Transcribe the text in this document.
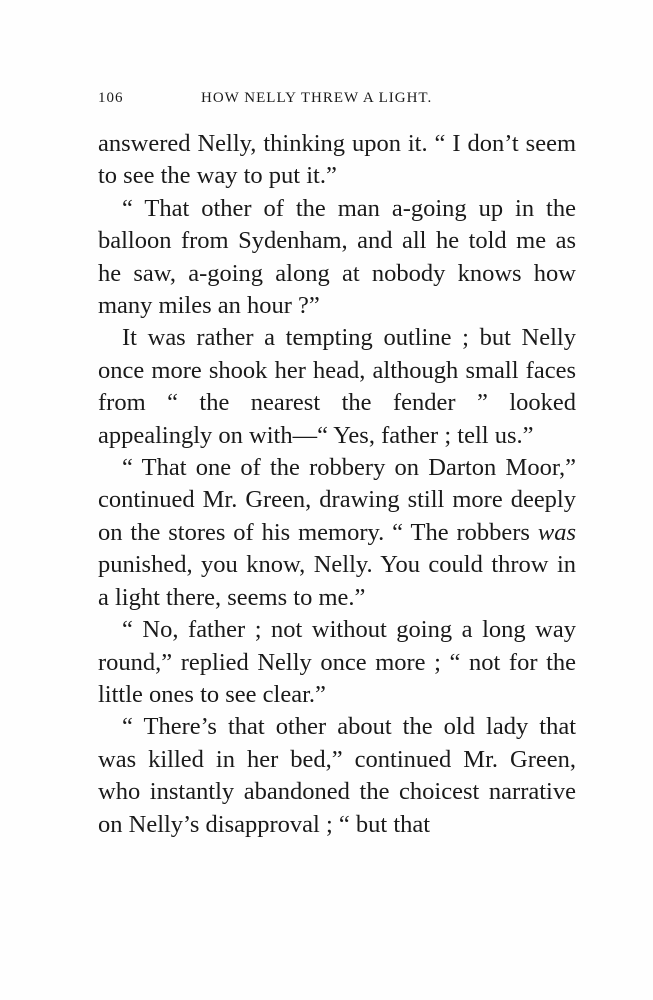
106	HOW NELLY THREW A LIGHT.

answered Nelly, thinking upon it. “ I don’t seem to see the way to put it.”

“ That other of the man a-going up in the balloon from Sydenham, and all he told me as he saw, a-going along at nobody knows how many miles an hour ?”

It was rather a tempting outline ; but Nelly once more shook her head, although small faces from “ the nearest the fender ” looked appealingly on with—“ Yes, father ; tell us.”

“ That one of the robbery on Darton Moor,” continued Mr. Green, drawing still more deeply on the stores of his memory. “ The robbers was punished, you know, Nelly. You could throw in a light there, seems to me.”

“ No, father ; not without going a long way round,” replied Nelly once more ; “ not for the little ones to see clear.”

“ There’s that other about the old lady that was killed in her bed,” continued Mr. Green, who instantly abandoned the choicest narrative on Nelly’s disapproval ; “ but that
